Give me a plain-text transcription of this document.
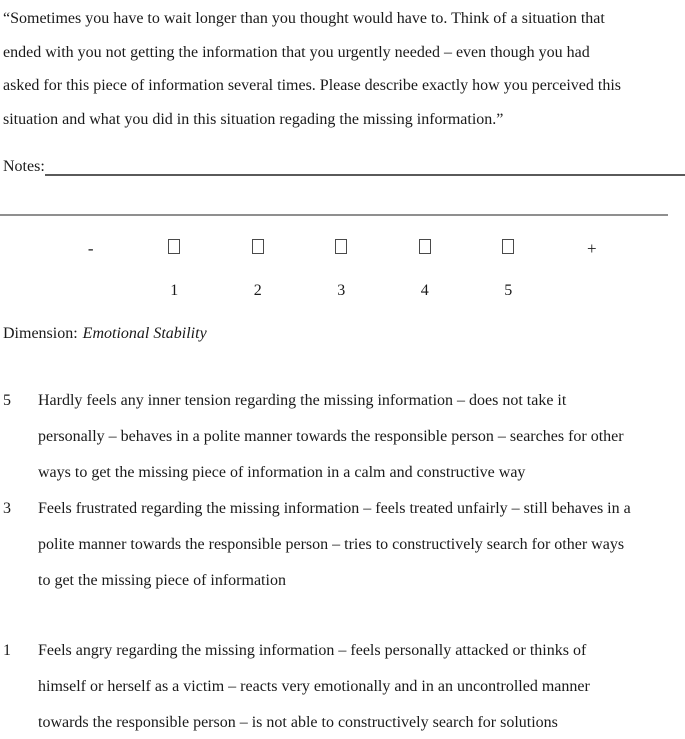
“Sometimes you have to wait longer than you thought would have to. Think of a situation that
ended with you not getting the information that you urgently needed – even though you had
asked for this piece of information several times. Please describe exactly how you perceived this
situation and what you did in this situation regading the missing information.”
Notes:
-	+
1	2	3	4	5
Dimension: Emotional Stability
5	Hardly feels any inner tension regarding the missing information – does not take it
personally – behaves in a polite manner towards the responsible person – searches for other
ways to get the missing piece of information in a calm and constructive way
3	Feels frustrated regarding the missing information – feels treated unfairly – still behaves in a
polite manner towards the responsible person – tries to constructively search for other ways
to get the missing piece of information
1	Feels angry regarding the missing information – feels personally attacked or thinks of
himself or herself as a victim – reacts very emotionally and in an uncontrolled manner
towards the responsible person – is not able to constructively search for solutions
